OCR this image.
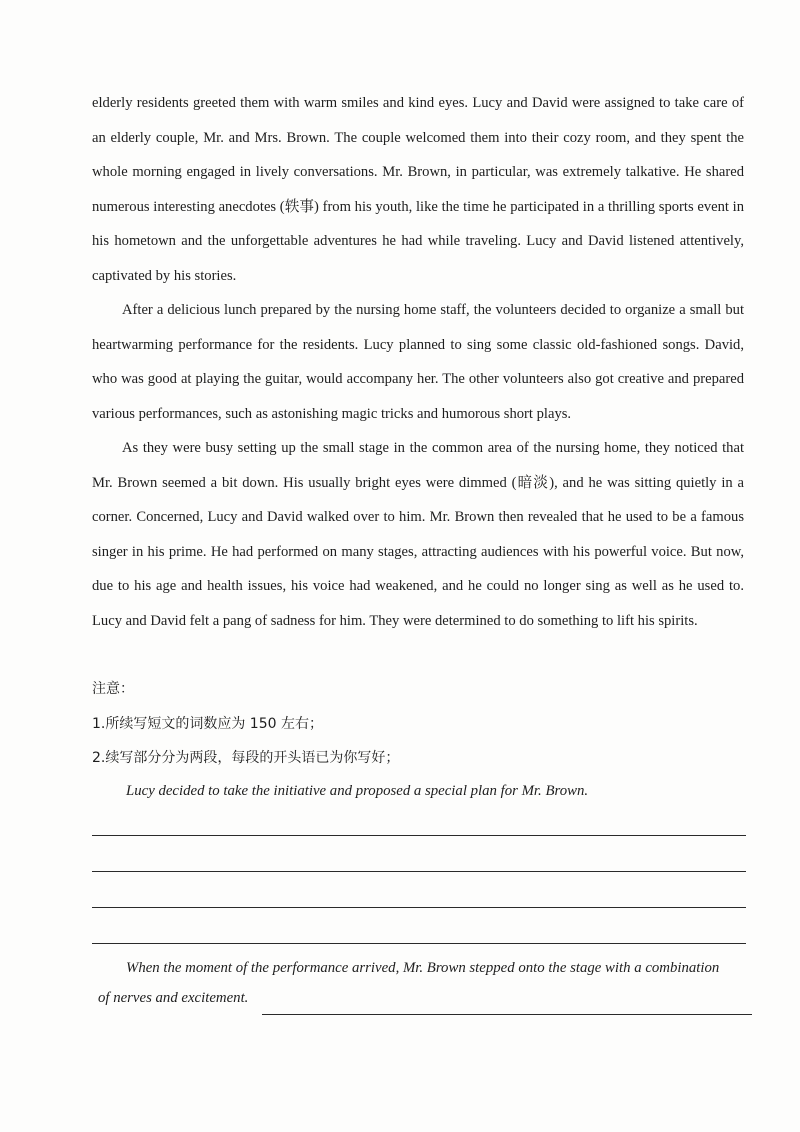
elderly residents greeted them with warm smiles and kind eyes. Lucy and David were assigned to take care of an elderly couple, Mr. and Mrs. Brown. The couple welcomed them into their cozy room, and they spent the whole morning engaged in lively conversations. Mr. Brown, in particular, was extremely talkative. He shared numerous interesting anecdotes (轶事) from his youth, like the time he participated in a thrilling sports event in his hometown and the unforgettable adventures he had while traveling. Lucy and David listened attentively, captivated by his stories.

After a delicious lunch prepared by the nursing home staff, the volunteers decided to organize a small but heartwarming performance for the residents. Lucy planned to sing some classic old-fashioned songs. David, who was good at playing the guitar, would accompany her. The other volunteers also got creative and prepared various performances, such as astonishing magic tricks and humorous short plays.

As they were busy setting up the small stage in the common area of the nursing home, they noticed that Mr. Brown seemed a bit down. His usually bright eyes were dimmed (暗淡), and he was sitting quietly in a corner. Concerned, Lucy and David walked over to him. Mr. Brown then revealed that he used to be a famous singer in his prime. He had performed on many stages, attracting audiences with his powerful voice. But now, due to his age and health issues, his voice had weakened, and he could no longer sing as well as he used to. Lucy and David felt a pang of sadness for him. They were determined to do something to lift his spirits.

注意：
1.所续写短文的词数应为 150 左右；
2.续写部分分为两段，每段的开头语已为你写好；
Lucy decided to take the initiative and proposed a special plan for Mr. Brown.
When the moment of the performance arrived, Mr. Brown stepped onto the stage with a combination
of nerves and excitement.
